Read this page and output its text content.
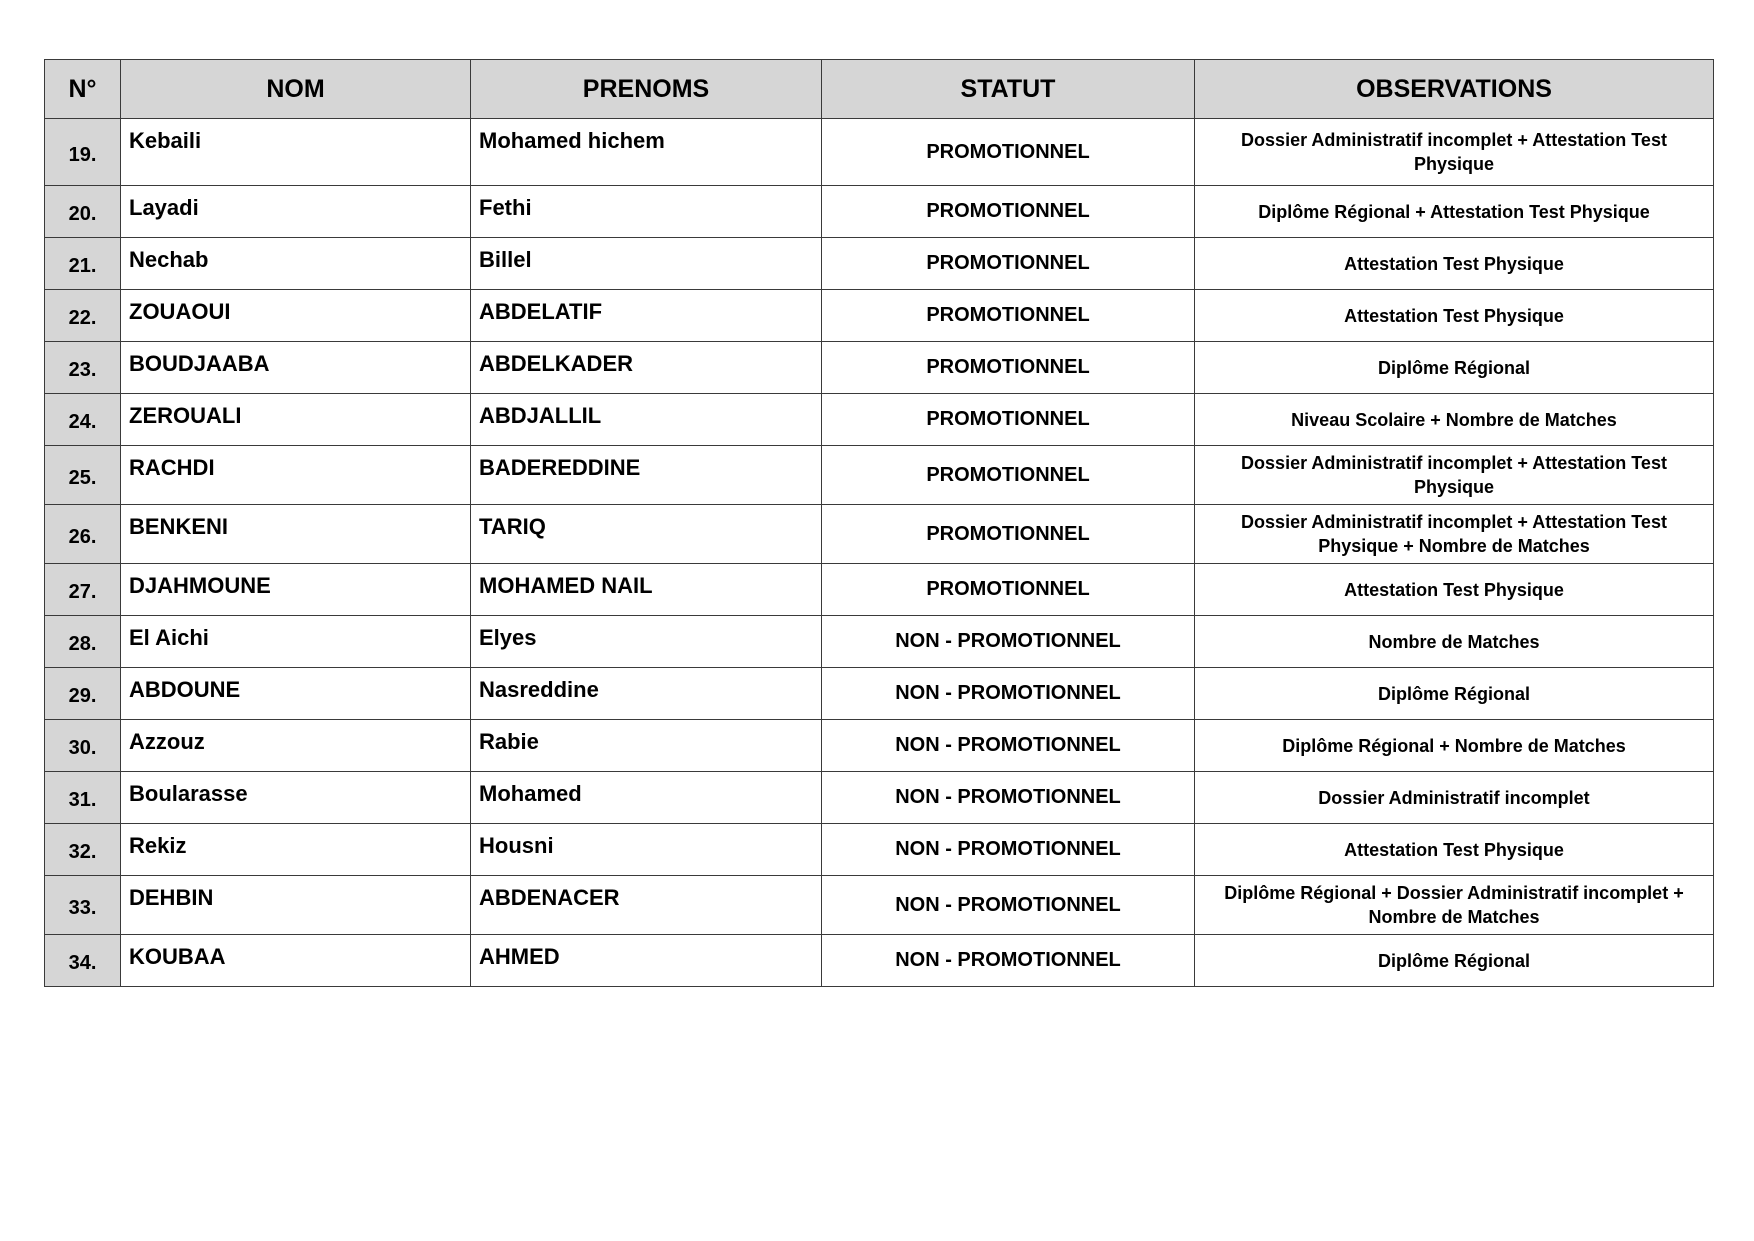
N°	NOM	PRENOMS	STATUT	OBSERVATIONS
19.	Kebaili	Mohamed hichem	PROMOTIONNEL	Dossier Administratif incomplet + Attestation Test Physique
20.	Layadi	Fethi	PROMOTIONNEL	Diplôme Régional + Attestation Test Physique
21.	Nechab	Billel	PROMOTIONNEL	Attestation Test Physique
22.	ZOUAOUI	ABDELATIF	PROMOTIONNEL	Attestation Test Physique
23.	BOUDJAABA	ABDELKADER	PROMOTIONNEL	Diplôme Régional
24.	ZEROUALI	ABDJALLIL	PROMOTIONNEL	Niveau Scolaire + Nombre de Matches
25.	RACHDI	BADEREDDINE	PROMOTIONNEL	Dossier Administratif incomplet + Attestation Test Physique
26.	BENKENI	TARIQ	PROMOTIONNEL	Dossier Administratif incomplet + Attestation Test Physique + Nombre de Matches
27.	DJAHMOUNE	MOHAMED NAIL	PROMOTIONNEL	Attestation Test Physique
28.	El Aichi	Elyes	NON - PROMOTIONNEL	Nombre de Matches
29.	ABDOUNE	Nasreddine	NON - PROMOTIONNEL	Diplôme Régional
30.	Azzouz	Rabie	NON - PROMOTIONNEL	Diplôme Régional + Nombre de Matches
31.	Boularasse	Mohamed	NON - PROMOTIONNEL	Dossier Administratif incomplet
32.	Rekiz	Housni	NON - PROMOTIONNEL	Attestation Test Physique
33.	DEHBIN	ABDENACER	NON - PROMOTIONNEL	Diplôme Régional + Dossier Administratif incomplet + Nombre de Matches
34.	KOUBAA	AHMED	NON - PROMOTIONNEL	Diplôme Régional
